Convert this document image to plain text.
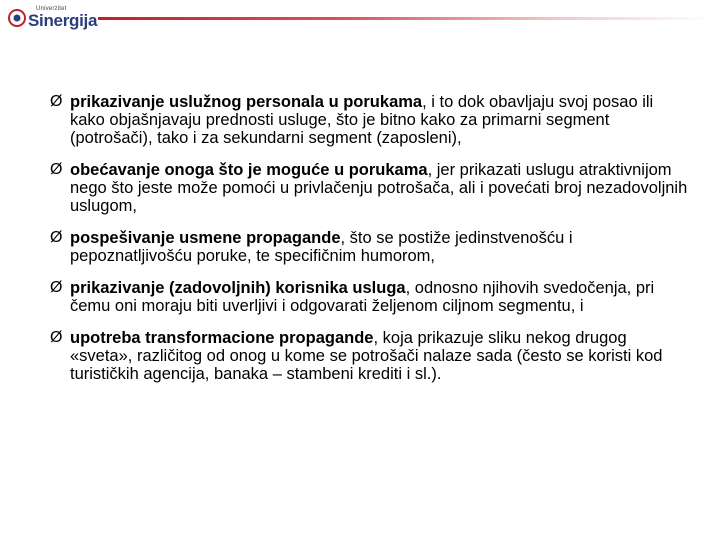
Univerzitet
Sinergija
Ø prikazivanje uslužnog personala u porukama, i to dok obavljaju svoj posao ili kako objašnjavaju prednosti usluge, što je bitno kako za primarni segment (potrošači), tako i za sekundarni segment (zaposleni),
Ø obećavanje onoga što je moguće u porukama, jer prikazati uslugu atraktivnijom nego što jeste može pomoći u privlačenju potrošača, ali i povećati broj nezadovoljnih uslugom,
Ø pospešivanje usmene propagande, što se postiže jedinstvenošću i pepoznatljivošću poruke, te specifičnim humorom,
Ø prikazivanje (zadovoljnih) korisnika usluga, odnosno njihovih svedočenja, pri čemu oni moraju biti uverljivi i odgovarati željenom ciljnom segmentu, i
Ø upotreba transformacione propagande, koja prikazuje sliku nekog drugog «sveta», različitog od onog u kome se potrošači nalaze sada (često se koristi kod turističkih agencija, banaka – stambeni krediti i sl.).
